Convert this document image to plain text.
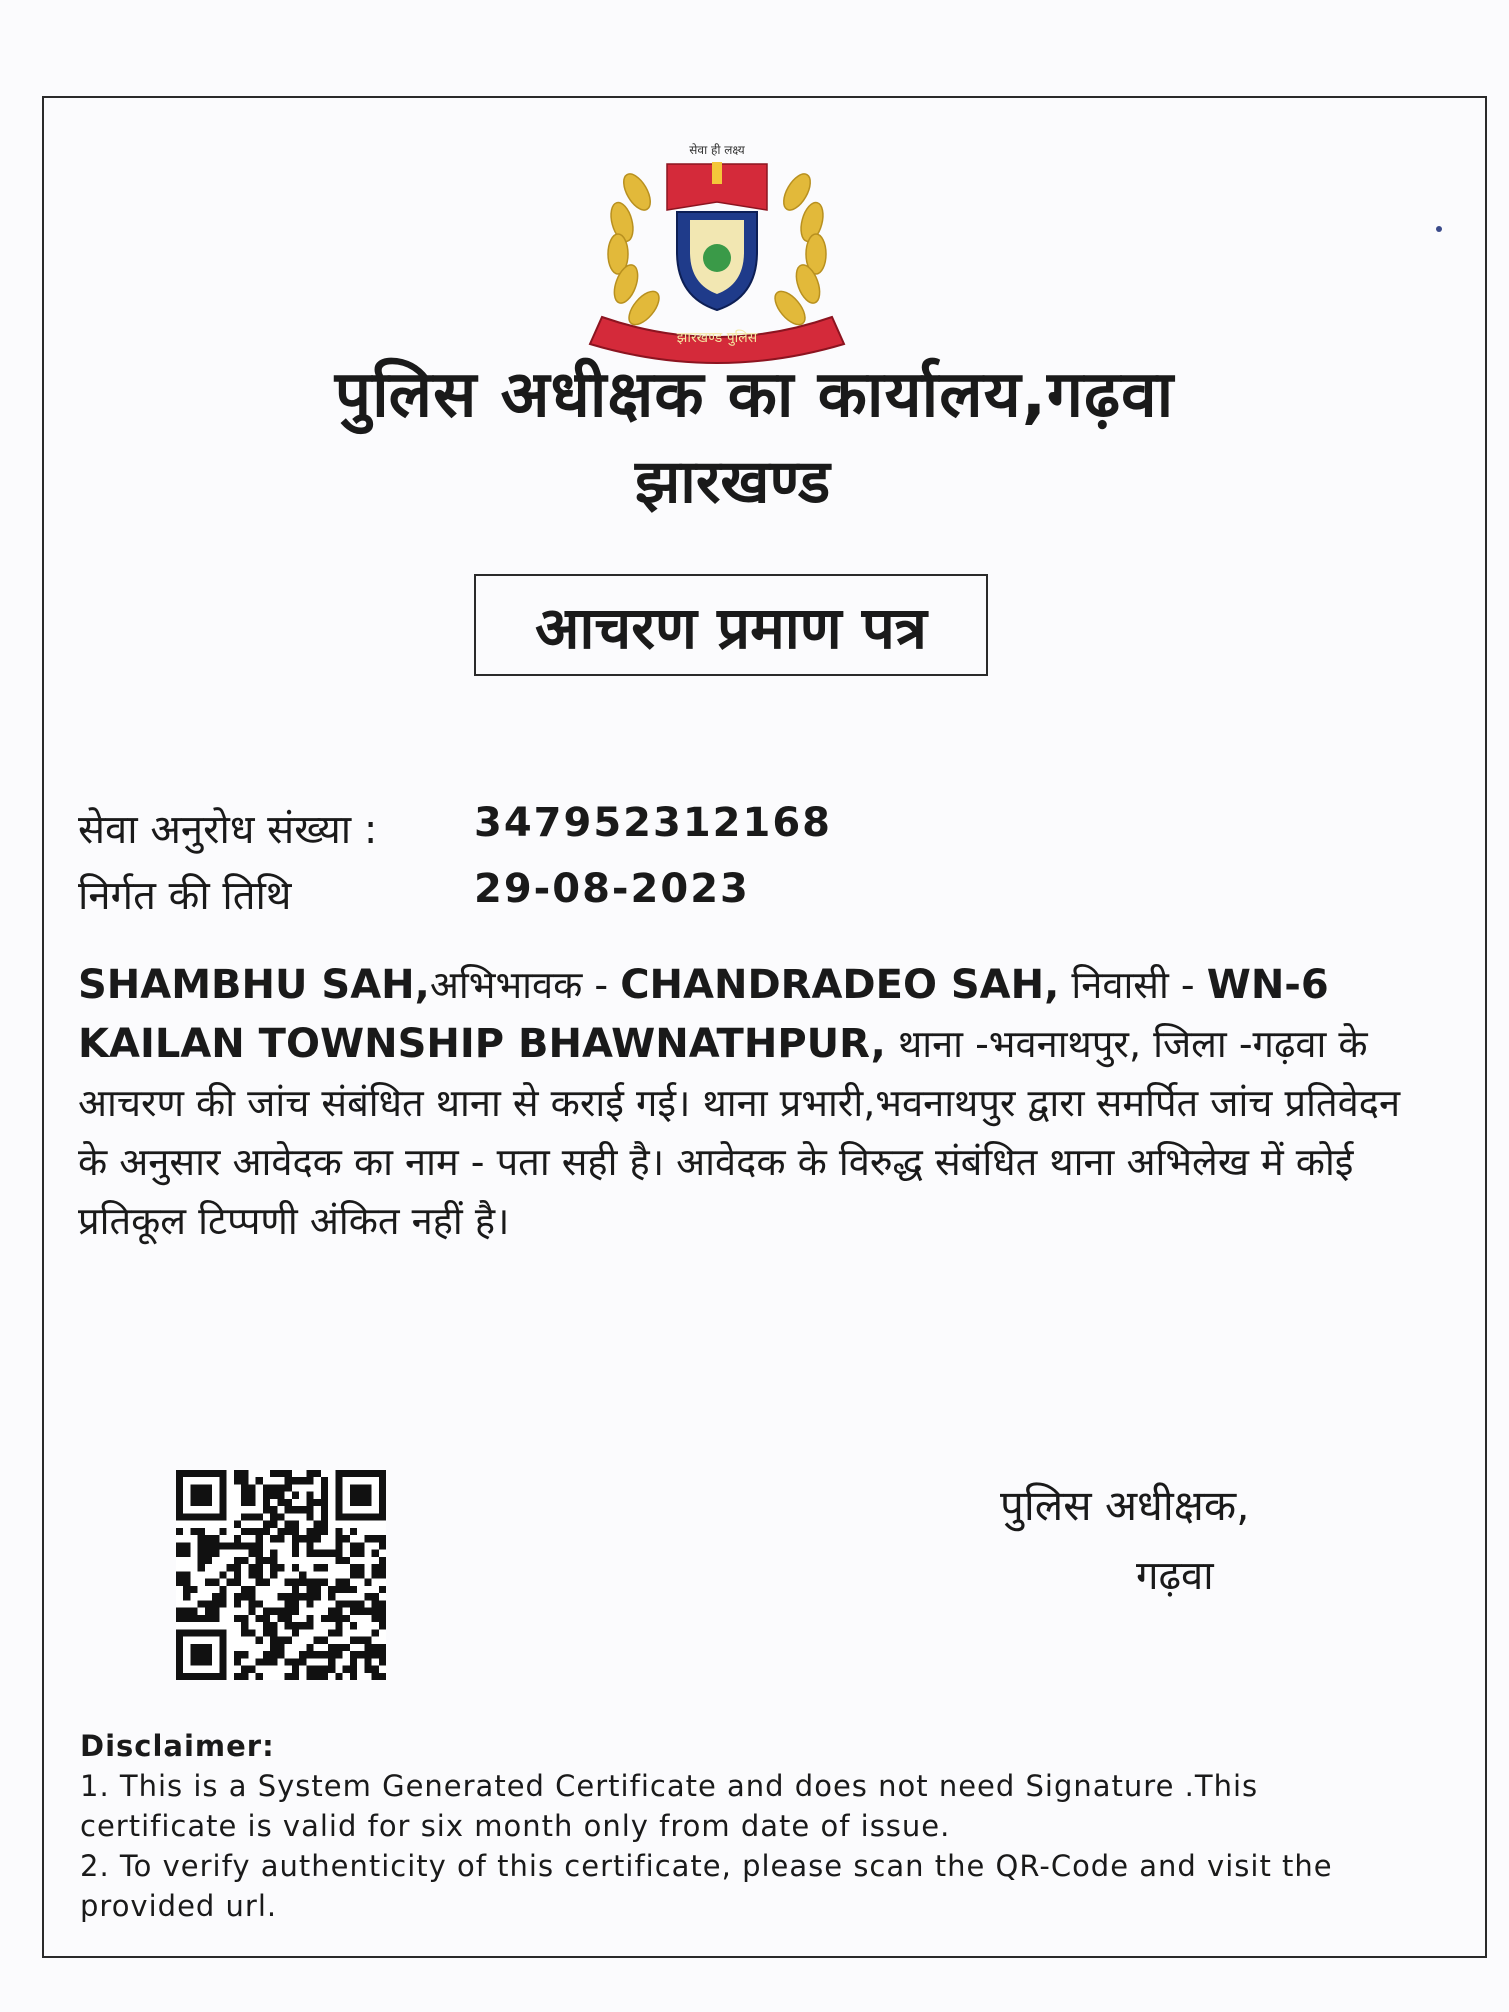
सेवा ही लक्ष्य
झारखण्ड पुलिस
पुलिस अधीक्षक का कार्यालय,गढ़वा
झारखण्ड
आचरण प्रमाण पत्र
सेवा अनुरोध संख्या : 347952312168
निर्गत की तिथि	29-08-2023
SHAMBHU SAH,अभिभावक - CHANDRADEO SAH, निवासी - WN-6 KAILAN TOWNSHIP BHAWNATHPUR, थाना -भवनाथपुर, जिला -गढ़वा के आचरण की जांच संबंधित थाना से कराई गई। थाना प्रभारी,भवनाथपुर द्वारा समर्पित जांच प्रतिवेदन के अनुसार आवेदक का नाम - पता सही है। आवेदक के विरुद्ध संबंधित थाना अभिलेख में कोई प्रतिकूल टिप्पणी अंकित नहीं है।
पुलिस अधीक्षक,
गढ़वा

Disclaimer:

1. This is a System Generated Certificate and does not need Signature .This certificate is valid for six month only from date of issue.

2. To verify authenticity of this certificate, please scan the QR-Code and visit the provided url.
